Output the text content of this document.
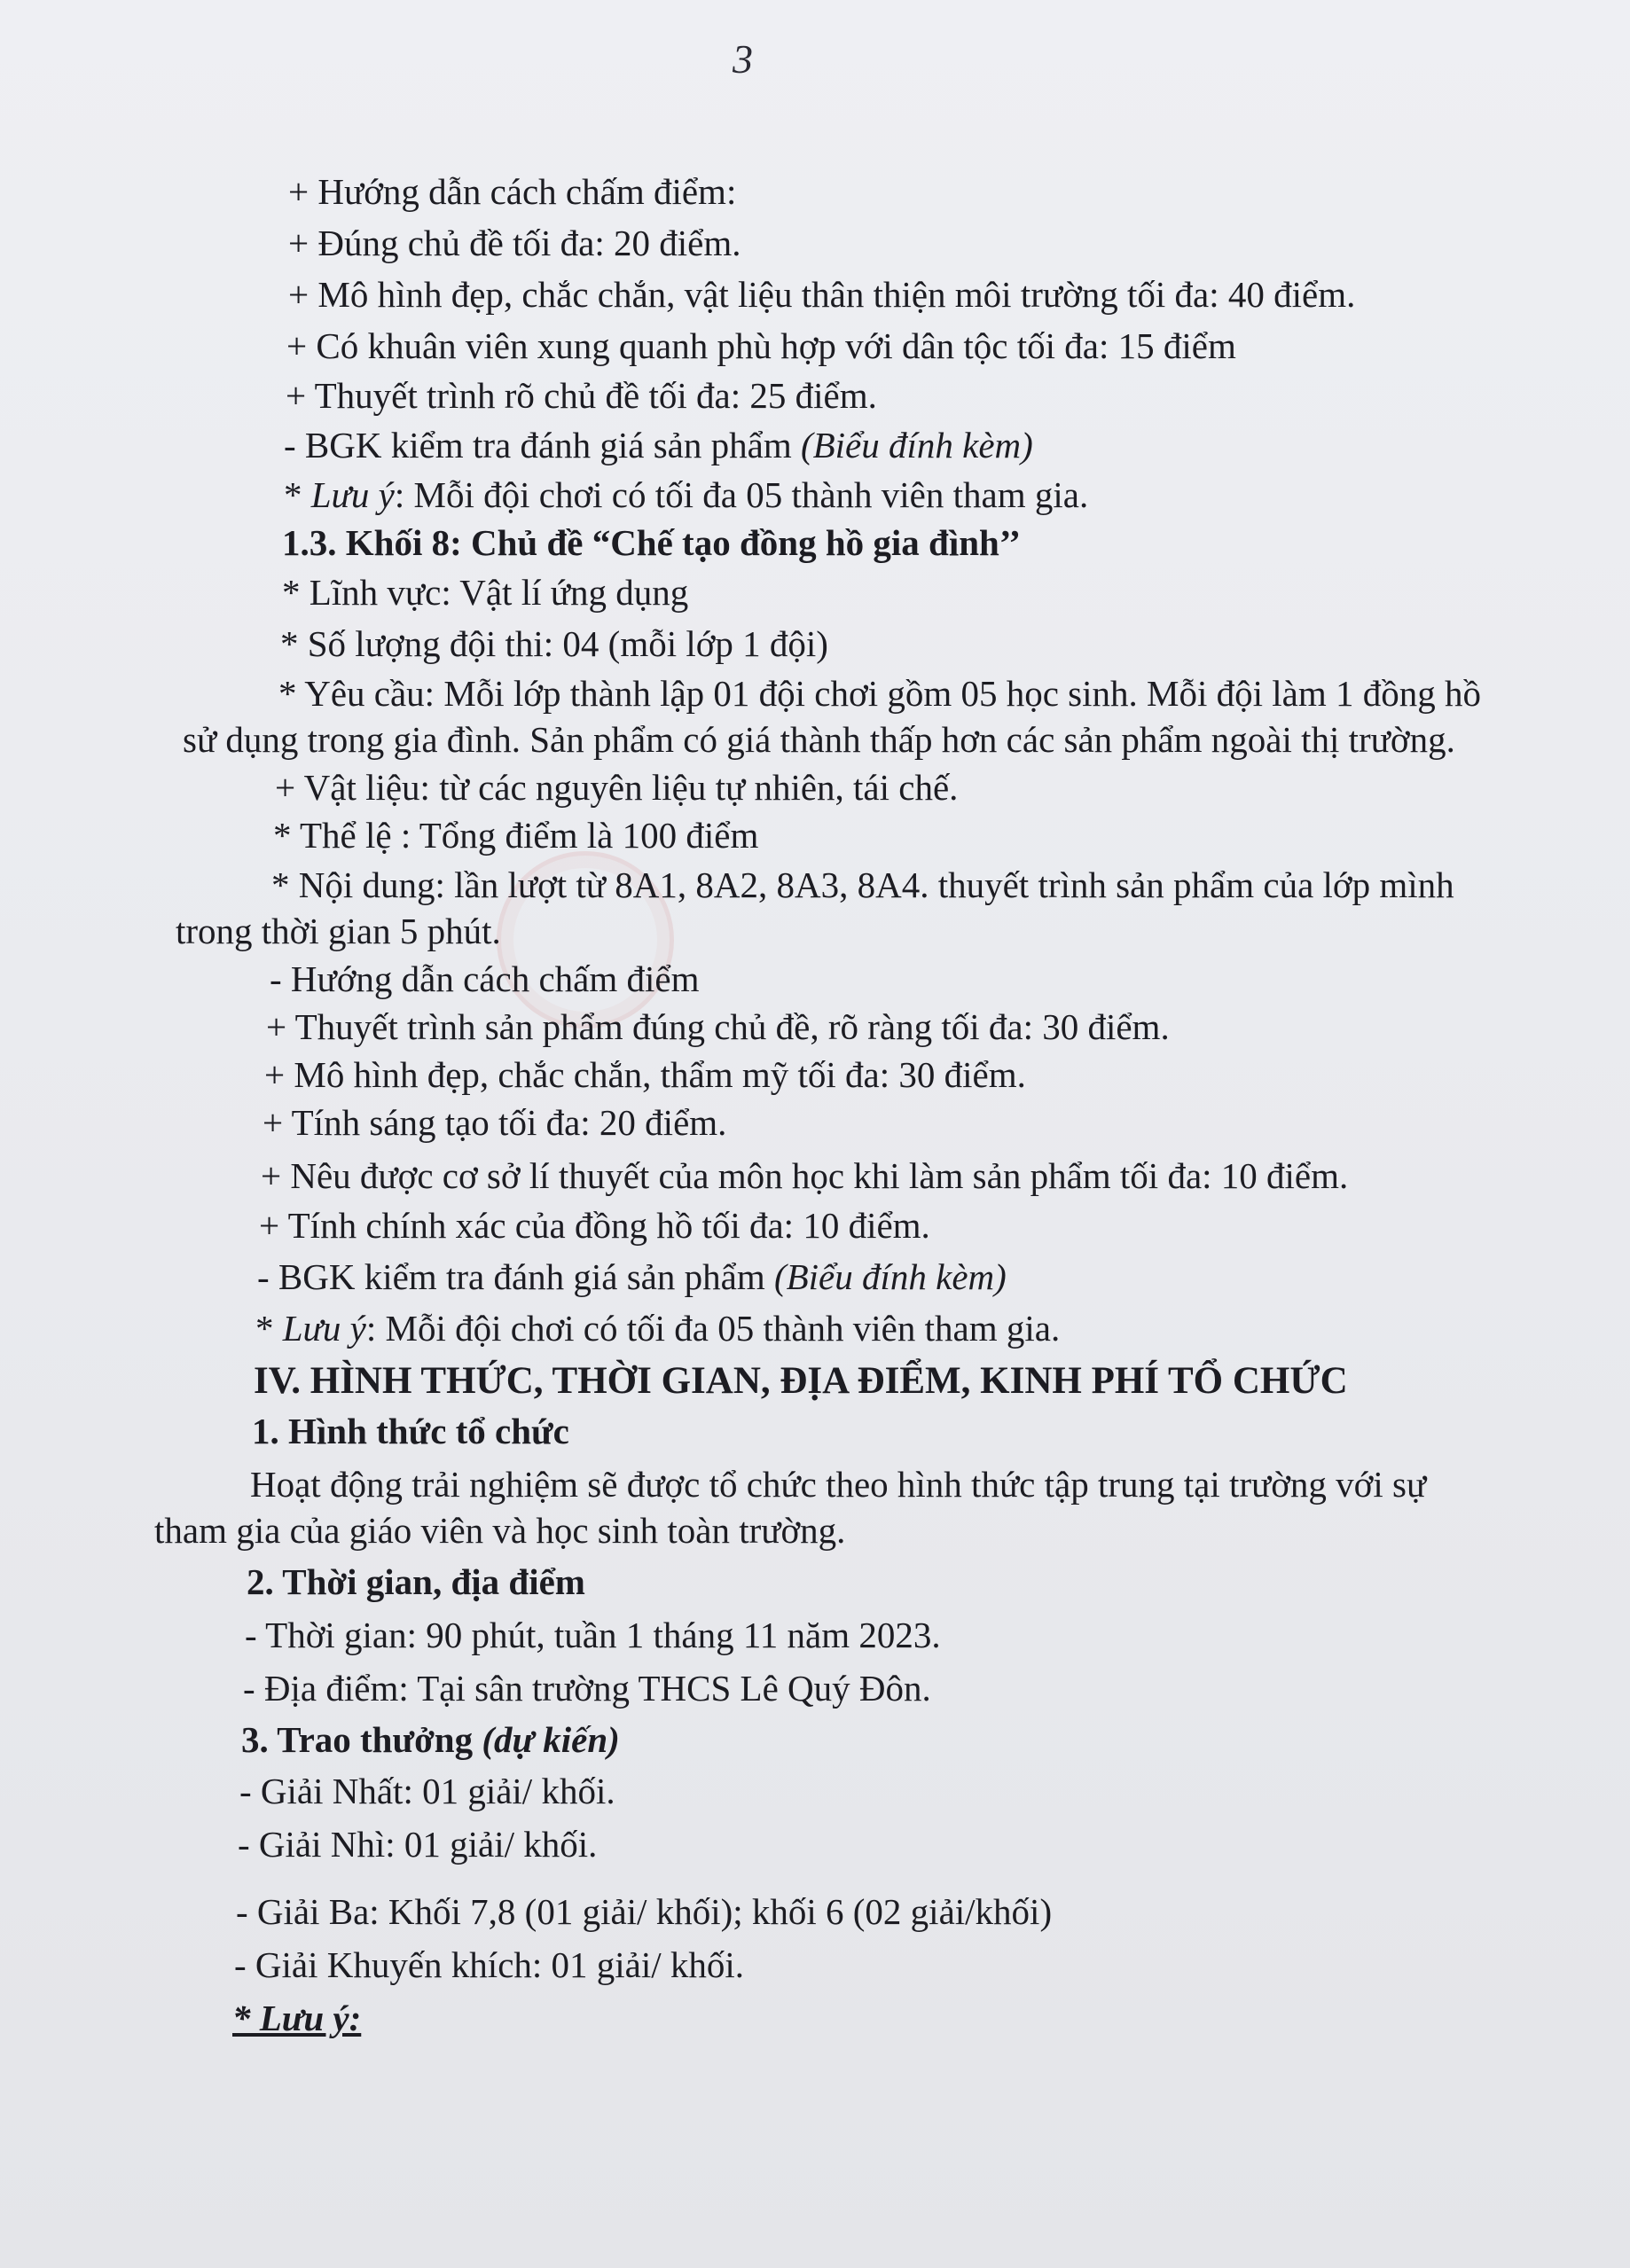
3
+ Hướng dẫn cách chấm điểm:
+ Đúng chủ đề tối đa: 20 điểm.
+ Mô hình đẹp, chắc chắn, vật liệu thân thiện môi trường tối đa: 40 điểm.
+ Có khuân viên xung quanh phù hợp với dân tộc tối đa: 15 điểm
+ Thuyết trình rõ chủ đề tối đa: 25 điểm.
- BGK kiểm tra đánh giá sản phẩm (Biểu đính kèm)
* Lưu ý: Mỗi đội chơi có tối đa 05 thành viên tham gia.
1.3. Khối 8: Chủ đề “Chế tạo đồng hồ gia đình’’
* Lĩnh vực: Vật lí ứng dụng
* Số lượng đội thi: 04 (mỗi lớp 1 đội)
* Yêu cầu: Mỗi lớp thành lập 01 đội chơi gồm 05 học sinh. Mỗi đội làm 1 đồng hồ
sử dụng trong gia đình. Sản phẩm có giá thành thấp hơn các sản phẩm ngoài thị trường.
+ Vật liệu: từ các nguyên liệu tự nhiên, tái chế.
* Thể lệ : Tổng điểm là 100 điểm
* Nội dung: lần lượt từ 8A1, 8A2, 8A3, 8A4. thuyết trình sản phẩm của lớp mình
trong thời gian 5 phút.
- Hướng dẫn cách chấm điểm
+ Thuyết trình sản phẩm đúng chủ đề, rõ ràng tối đa: 30 điểm.
+ Mô hình đẹp, chắc chắn, thẩm mỹ tối đa: 30 điểm.
+ Tính sáng tạo tối đa: 20 điểm.
+ Nêu được cơ sở lí thuyết của môn học khi làm sản phẩm tối đa: 10 điểm.
+ Tính chính xác của đồng hồ tối đa: 10 điểm.
- BGK kiểm tra đánh giá sản phẩm (Biểu đính kèm)
* Lưu ý: Mỗi đội chơi có tối đa 05 thành viên tham gia.
IV. HÌNH THỨC, THỜI GIAN, ĐỊA ĐIỂM, KINH PHÍ TỔ CHỨC
1. Hình thức tổ chức
Hoạt động trải nghiệm sẽ được tổ chức theo hình thức tập trung tại trường với sự
tham gia của giáo viên và học sinh toàn trường.
2. Thời gian, địa điểm
- Thời gian: 90 phút, tuần 1 tháng 11 năm 2023.
- Địa điểm: Tại sân trường THCS Lê Quý Đôn.
3. Trao thưởng (dự kiến)
- Giải Nhất: 01 giải/ khối.
- Giải Nhì: 01 giải/ khối.
- Giải Ba: Khối 7,8 (01 giải/ khối); khối 6 (02 giải/khối)
- Giải Khuyến khích: 01 giải/ khối.
* Lưu ý:
